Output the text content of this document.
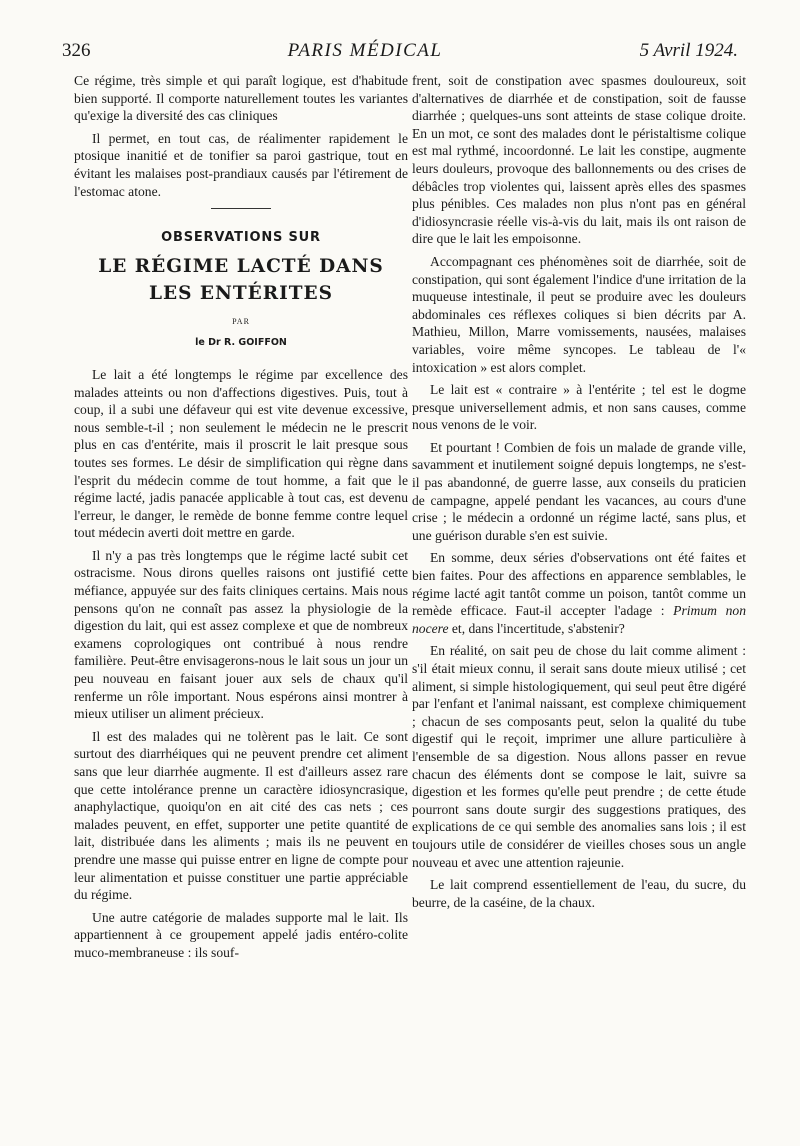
326	PARIS MÉDICAL	5 Avril 1924.

Ce régime, très simple et qui paraît logique, est d'habitude bien supporté. Il comporte naturellement toutes les variantes qu'exige la diversité des cas cliniques

Il permet, en tout cas, de réalimenter rapidement le ptosique inanitié et de tonifier sa paroi gastrique, tout en évitant les malaises post-prandiaux causés par l'étirement de l'estomac atone.

OBSERVATIONS SUR
LE RÉGIME LACTÉ DANS
LES ENTÉRITES
PAR
le Dr R. GOIFFON

Le lait a été longtemps le régime par excellence des malades atteints ou non d'affections digestives. Puis, tout à coup, il a subi une défaveur qui est vite devenue excessive, nous semble-t-il ; non seulement le médecin ne le prescrit plus en cas d'entérite, mais il proscrit le lait presque sous toutes ses formes. Le désir de simplification qui règne dans l'esprit du médecin comme de tout homme, a fait que le régime lacté, jadis panacée applicable à tout cas, est devenu l'erreur, le danger, le remède de bonne femme contre lequel tout médecin averti doit mettre en garde.

Il n'y a pas très longtemps que le régime lacté subit cet ostracisme. Nous dirons quelles raisons ont justifié cette méfiance, appuyée sur des faits cliniques certains. Mais nous pensons qu'on ne connaît pas assez la physiologie de la digestion du lait, qui est assez complexe et que de nombreux examens coprologiques ont contribué à nous rendre familière. Peut-être envisagerons-nous le lait sous un jour un peu nouveau en faisant jouer aux sels de chaux qu'il renferme un rôle important. Nous espérons ainsi montrer à mieux utiliser un aliment précieux.

Il est des malades qui ne tolèrent pas le lait. Ce sont surtout des diarrhéiques qui ne peuvent prendre cet aliment sans que leur diarrhée augmente. Il est d'ailleurs assez rare que cette intolérance prenne un caractère idiosyncrasique, anaphylactique, quoiqu'on en ait cité des cas nets ; ces malades peuvent, en effet, supporter une petite quantité de lait, distribuée dans les aliments ; mais ils ne peuvent en prendre une masse qui puisse entrer en ligne de compte pour leur alimentation et puisse constituer une partie appréciable du régime.

Une autre catégorie de malades supporte mal le lait. Ils appartiennent à ce groupement appelé jadis entéro-colite muco-membraneuse : ils souf-

frent, soit de constipation avec spasmes douloureux, soit d'alternatives de diarrhée et de constipation, soit de fausse diarrhée ; quelques-uns sont atteints de stase colique droite. En un mot, ce sont des malades dont le péristaltisme colique est mal rythmé, incoordonné. Le lait les constipe, augmente leurs douleurs, provoque des ballonnements ou des crises de débâcles trop violentes qui, laissent après elles des spasmes plus pénibles. Ces malades non plus n'ont pas en général d'idiosyncrasie réelle vis-à-vis du lait, mais ils ont raison de dire que le lait les empoisonne.

Accompagnant ces phénomènes soit de diarrhée, soit de constipation, qui sont également l'indice d'une irritation de la muqueuse intestinale, il peut se produire avec les douleurs abdominales ces réflexes coliques si bien décrits par A. Mathieu, Millon, Marre vomissements, nausées, malaises variables, voire même syncopes. Le tableau de l'« intoxication » est alors complet.

Le lait est « contraire » à l'entérite ; tel est le dogme presque universellement admis, et non sans causes, comme nous venons de le voir.

Et pourtant ! Combien de fois un malade de grande ville, savamment et inutilement soigné depuis longtemps, ne s'est-il pas abandonné, de guerre lasse, aux conseils du praticien de campagne, appelé pendant les vacances, au cours d'une crise ; le médecin a ordonné un régime lacté, sans plus, et une guérison durable s'en est suivie.

En somme, deux séries d'observations ont été faites et bien faites. Pour des affections en apparence semblables, le régime lacté agit tantôt comme un poison, tantôt comme un remède efficace. Faut-il accepter l'adage : Primum non nocere et, dans l'incertitude, s'abstenir?

En réalité, on sait peu de chose du lait comme aliment : s'il était mieux connu, il serait sans doute mieux utilisé ; cet aliment, si simple histologiquement, qui seul peut être digéré par l'enfant et l'animal naissant, est complexe chimiquement ; chacun de ses composants peut, selon la qualité du tube digestif qui le reçoit, imprimer une allure particulière à l'ensemble de sa digestion. Nous allons passer en revue chacun des éléments dont se compose le lait, suivre sa digestion et les formes qu'elle peut prendre ; de cette étude pourront sans doute surgir des suggestions pratiques, des explications de ce qui semble des anomalies sans lois ; il est toujours utile de considérer de vieilles choses sous un angle nouveau et avec une attention rajeunie.

Le lait comprend essentiellement de l'eau, du sucre, du beurre, de la caséine, de la chaux.
